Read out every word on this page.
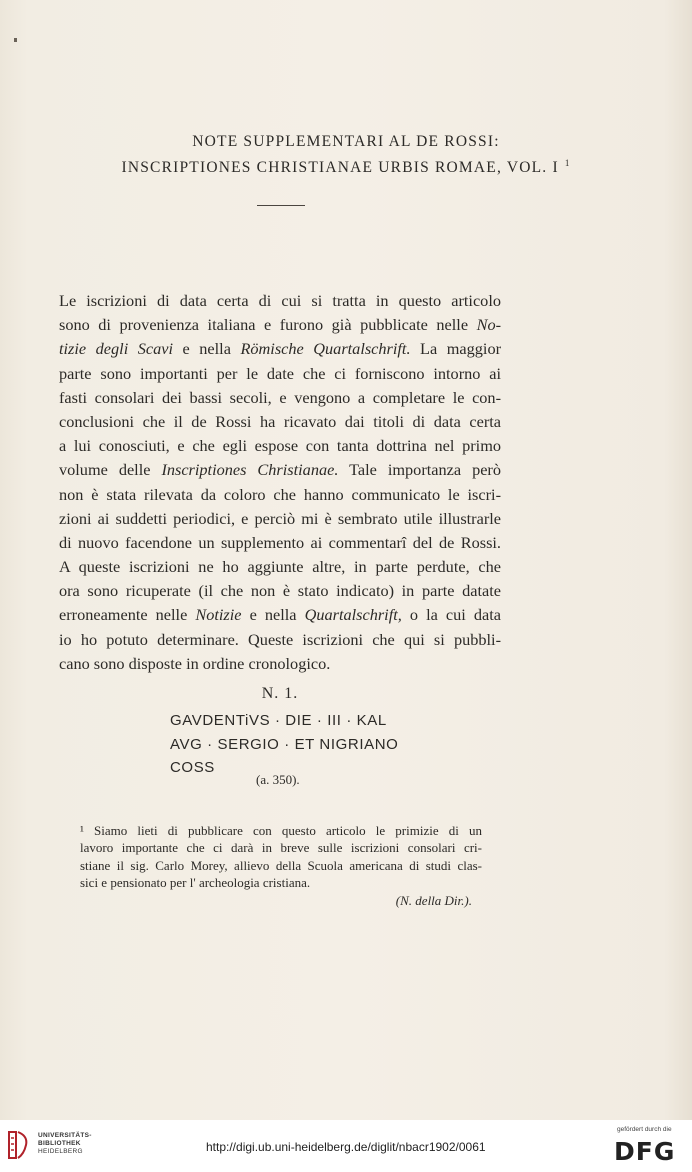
NOTE SUPPLEMENTARI AL DE ROSSI:
INSCRIPTIONES CHRISTIANAE URBIS ROMAE, VOL. I $^1$
Le iscrizioni di data certa di cui si tratta in questo articolo
sono di provenienza italiana e furono già pubblicate nelle No-
tizie degli Scavi e nella Römische Quartalschrift. La maggior
parte sono importanti per le date che ci forniscono intorno ai
fasti consolari dei bassi secoli, e vengono a completare le con-
conclusioni che il de Rossi ha ricavato dai titoli di data certa
a lui conosciuti, e che egli espose con tanta dottrina nel primo
volume delle Inscriptiones Christianae. Tale importanza però
non è stata rilevata da coloro che hanno communicato le iscri-
zioni ai suddetti periodici, e perciò mi è sembrato utile illustrarle
di nuovo facendone un supplemento ai commentarî del de Rossi.
A queste iscrizioni ne ho aggiunte altre, in parte perdute, che
ora sono ricuperate (il che non è stato indicato) in parte datate
erroneamente nelle Notizie e nella Quartalschrift, o la cui data
io ho potuto determinare. Queste iscrizioni che qui si pubbli-
cano sono disposte in ordine cronologico.
N. 1.
GAVDENTiVS · DIE · III · KAL
AVG · SERGIO · ET NIGRIANO
COSS
(a. 350).
¹ Siamo lieti di pubblicare con questo articolo le primizie di un
lavoro importante che ci darà in breve sulle iscrizioni consolari cri-
stiane il sig. Carlo Morey, allievo della Scuola americana di studi clas-
sici e pensionato per l' archeologia cristiana.
(N. della Dir.).
UNIVERSITÄTS-
BIBLIOTHEK
HEIDELBERG	http://digi.ub.uni-heidelberg.de/diglit/nbacr1902/0061
gefördert durch die
DFG
